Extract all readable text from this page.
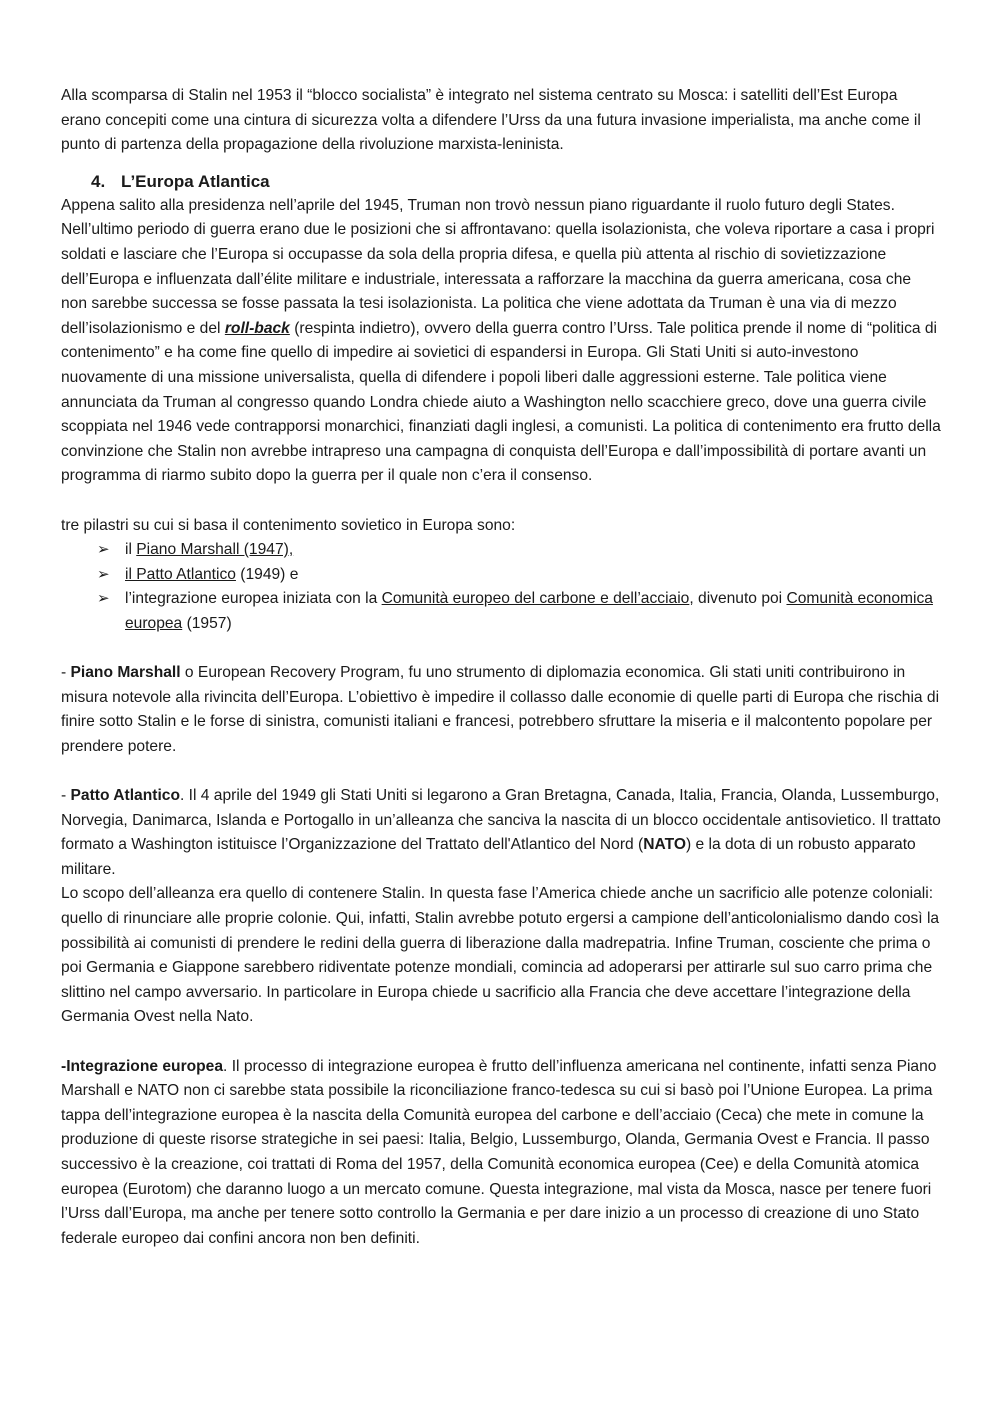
Alla scomparsa di Stalin nel 1953 il “blocco socialista” è integrato nel sistema centrato su Mosca: i satelliti dell’Est Europa erano concepiti come una cintura di sicurezza volta a difendere l’Urss da una futura invasione imperialista, ma anche come il punto di partenza della propagazione della rivoluzione marxista-leninista.

4. L’Europa Atlantica

Appena salito alla presidenza nell’aprile del 1945, Truman non trovò nessun piano riguardante il ruolo futuro degli States. Nell’ultimo periodo di guerra erano due le posizioni che si affrontavano: quella isolazionista, che voleva riportare a casa i propri soldati e lasciare che l’Europa si occupasse da sola della propria difesa, e quella più attenta al rischio di sovietizzazione dell’Europa e influenzata dall’élite militare e industriale, interessata a rafforzare la macchina da guerra americana, cosa che non sarebbe successa se fosse passata la tesi isolazionista. La politica che viene adottata da Truman è una via di mezzo dell’isolazionismo e del roll-back (respinta indietro), ovvero della guerra contro l’Urss. Tale politica prende il nome di “politica di contenimento” e ha come fine quello di impedire ai sovietici di espandersi in Europa. Gli Stati Uniti si auto-investono nuovamente di una missione universalista, quella di difendere i popoli liberi dalle aggressioni esterne. Tale politica viene annunciata da Truman al congresso quando Londra chiede aiuto a Washington nello scacchiere greco, dove una guerra civile scoppiata nel 1946 vede contrapporsi monarchici, finanziati dagli inglesi, a comunisti. La politica di contenimento era frutto della convinzione che Stalin non avrebbe intrapreso una campagna di conquista dell’Europa e dall’impossibilità di portare avanti un programma di riarmo subito dopo la guerra per il quale non c’era il consenso.

tre pilastri su cui si basa il contenimento sovietico in Europa sono:

➢ il Piano Marshall (1947),
➢ il Patto Atlantico (1949) e
➢ l’integrazione europea iniziata con la Comunità europeo del carbone e dell’acciaio, divenuto poi Comunità economica europea (1957)

- Piano Marshall o European Recovery Program, fu uno strumento di diplomazia economica. Gli stati uniti contribuirono in misura notevole alla rivincita dell’Europa. L’obiettivo è impedire il collasso dalle economie di quelle parti di Europa che rischia di finire sotto Stalin e le forse di sinistra, comunisti italiani e francesi, potrebbero sfruttare la miseria e il malcontento popolare per prendere potere.

- Patto Atlantico. Il 4 aprile del 1949 gli Stati Uniti si legarono a Gran Bretagna, Canada, Italia, Francia, Olanda, Lussemburgo, Norvegia, Danimarca, Islanda e Portogallo in un’alleanza che sanciva la nascita di un blocco occidentale antisovietico. Il trattato formato a Washington istituisce l’Organizzazione del Trattato dell'Atlantico del Nord (NATO) e la dota di un robusto apparato militare.

Lo scopo dell’alleanza era quello di contenere Stalin. In questa fase l’America chiede anche un sacrificio alle potenze coloniali: quello di rinunciare alle proprie colonie. Qui, infatti, Stalin avrebbe potuto ergersi a campione dell’anticolonialismo dando così la possibilità ai comunisti di prendere le redini della guerra di liberazione dalla madrepatria. Infine Truman, cosciente che prima o poi Germania e Giappone sarebbero ridiventate potenze mondiali, comincia ad adoperarsi per attirarle sul suo carro prima che slittino nel campo avversario. In particolare in Europa chiede u sacrificio alla Francia che deve accettare l’integrazione della Germania Ovest nella Nato.

-Integrazione europea. Il processo di integrazione europea è frutto dell’influenza americana nel continente, infatti senza Piano Marshall e NATO non ci sarebbe stata possibile la riconciliazione franco-tedesca su cui si basò poi l’Unione Europea. La prima tappa dell’integrazione europea è la nascita della Comunità europea del carbone e dell’acciaio (Ceca) che mete in comune la produzione di queste risorse strategiche in sei paesi: Italia, Belgio, Lussemburgo, Olanda, Germania Ovest e Francia. Il passo successivo è la creazione, coi trattati di Roma del 1957, della Comunità economica europea (Cee) e della Comunità atomica europea (Eurotom) che daranno luogo a un mercato comune. Questa integrazione, mal vista da Mosca, nasce per tenere fuori l’Urss dall’Europa, ma anche per tenere sotto controllo la Germania e per dare inizio a un processo di creazione di uno Stato federale europeo dai confini ancora non ben definiti.
